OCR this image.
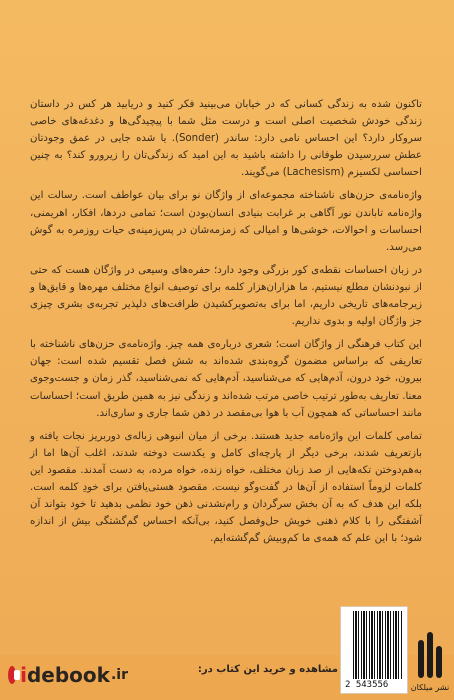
تاکنون شده به زندگی کسانی که در خیابان می‌بینید فکر کنید و دریابید هر کس در داستان زندگی خودش شخصیت اصلی است و درست مثل شما با پیچیدگی‌ها و دغدغه‌های خاصی سروکار دارد؟ این احساس نامی دارد: ساندر (Sonder). یا شده جایی در عمق وجودتان عطش سررسیدن طوفانی را داشته باشید به این امید که زندگی‌تان را زیرورو کند؟ به چنین احساسی لکسیزم (Lachesism) می‌گویند.

واژه‌نامه‌ی حزن‌های ناشناخته مجموعه‌ای از واژگان نو برای بیان عواطف است. رسالت این واژه‌نامه تاباندن نور آگاهی بر غرابت بنیادی انسان‌بودن است؛ تمامی دردها، افکار، اهریمنی، احساسات و احوالات، خوشی‌ها و امیالی که زمزمه‌شان در پس‌زمینه‌ی حیات روزمره به گوش می‌رسد.

در زبان احساسات نقطه‌ی کور بزرگی وجود دارد؛ حفره‌های وسیعی در واژگان هست که حتی از نبودنشان مطلع نیستیم. ما هزاران‌هزار کلمه برای توصیف انواع مختلف مهره‌ها و قایق‌ها و زیرجامه‌های تاریخی داریم، اما برای به‌تصویرکشیدن ظرافت‌های دلپذیر تجربه‌ی بشری چیزی جز واژگان اولیه و بدوی نداریم.

این کتاب فرهنگی از واژگان است؛ شعری درباره‌ی همه چیز. واژه‌نامه‌ی حزن‌های ناشناخته با تعاریفی که براساس مضمون گروه‌بندی شده‌اند به شش فصل تقسیم شده است: جهان بیرون، خود درون، آدم‌هایی که می‌شناسید، آدم‌هایی که نمی‌شناسید، گذر زمان و جست‌وجوی معنا. تعاریف به‌طور ترتیب خاصی مرتب شده‌اند و زندگی نیز به همین طریق است؛ احساسات مانند احساساتی که همچون آب با هوا بی‌مقصد در ذهن شما جاری و ساری‌اند.

تمامی کلمات این واژه‌نامه جدید هستند. برخی از میان انبوهی زباله‌ی دوربریز نجات یافته و بازتعریف شدند، برخی دیگر از پارچه‌ای کامل و یکدست دوخته شدند، اغلب آن‌ها اما از به‌هم‌دوختن تکه‌هایی از صد زبان مختلف، خواه زنده، خواه مرده، به دست آمدند. مقصود این کلمات لزوماً استفاده از آن‌ها در گفت‌وگو نیست. مقصود هستی‌یافتن برای خودِ کلمه است. بلکه این هدف که به آن بخش سرگردان و رام‌نشدنی ذهن خود نظمی بدهید تا خود بتواند آن آشفتگی را با کلام ذهنی خویش حل‌وفصل کنید، بی‌آنکه احساس گم‌گشتگی بیش از اندازه شود؛ با این علم که همه‌ی ما کم‌وبیش گم‌گشته‌ایم.

i debook .ir	مشاهده و خرید این کتاب در:
2 543556	نشر میلکان
